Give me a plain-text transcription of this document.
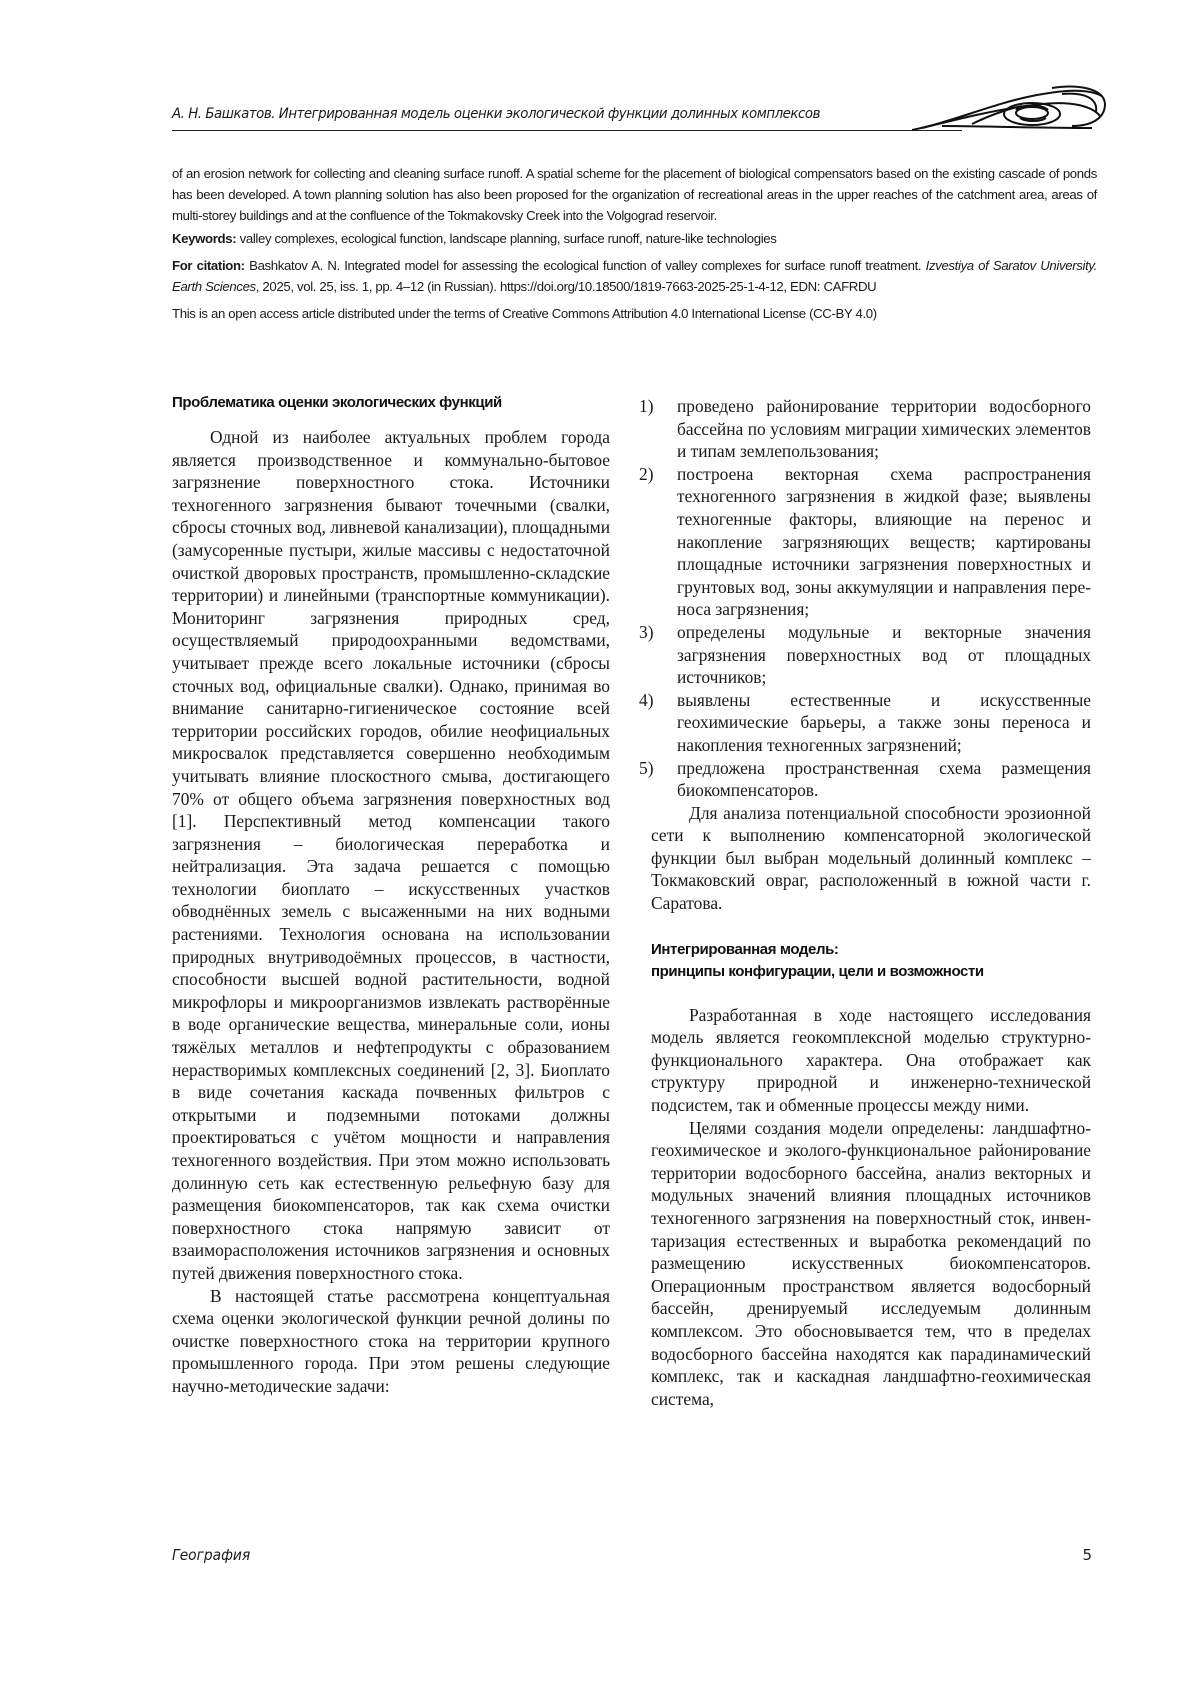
А. Н. Башкатов. Интегрированная модель оценки экологической функции долинных комплексов

of an erosion network for collecting and cleaning surface runoff. A spatial scheme for the placement of biological compensators based on the existing cascade of ponds has been developed. A town planning solution has also been proposed for the organization of recreational areas in the upper reaches of the catchment area, areas of multi-storey buildings and at the confluence of the Tokmakovsky Creek into the Volgograd reservoir.

Keywords: valley complexes, ecological function, landscape planning, surface runoff, nature-like technologies

For citation: Bashkatov A. N. Integrated model for assessing the ecological function of valley complexes for surface runoff treatment. Izvestiya of Saratov University. Earth Sciences, 2025, vol. 25, iss. 1, pp. 4–12 (in Russian). https://doi.org/10.18500/1819-7663-2025-25-1-4-12, EDN: CAFRDU

This is an open access article distributed under the terms of Creative Commons Attribution 4.0 International License (CC-BY 4.0)

Проблематика оценки экологических функций

Одной из наиболее актуальных проблем города является производственное и коммунально-бытовое загрязнение поверхностного стока. Источники техногенного загрязнения бывают точечными (свалки, сбросы сточных вод, ливневой канализации), площадными (замусоренные пустыри, жилые массивы с недостаточной очисткой дворовых пространств, промышленно-складские территории) и линейными (транспортные коммуникации). Мониторинг загрязнения природных сред, осуществляемый природоохранными ведомствами, учитывает прежде всего локальные источники (сбросы сточных вод, официальные свалки). Однако, принимая во внимание санитарно-гигиеническое состояние всей территории российских городов, обилие неофициальных микросвалок представляется совершенно необходимым учитывать влияние плоскостного смыва, достигающего 70% от общего объема загрязнения поверхностных вод [1]. Перспективный метод компенсации такого загрязнения – биологическая переработка и нейтрализация. Эта задача решается с помощью технологии биоплато – искусственных участков обводнённых земель с высаженными на них водными растениями. Технология основана на использовании природных внутриводоёмных процессов, в частности, способности высшей водной растительности, водной микрофлоры и микроорганизмов извлекать растворённые в воде органические вещества, минеральные соли, ионы тяжёлых металлов и нефтепродукты с образованием нерастворимых комплексных соединений [2, 3]. Биоплато в виде сочетания каскада почвенных фильтров с открытыми и подземными потоками должны проектироваться с учётом мощности и направления техногенного воздействия. При этом можно использовать долинную сеть как естественную рельефную базу для размещения биокомпенсаторов, так как схема очистки поверхностного стока напрямую зависит от взаиморасположения источников загрязнения и основных путей движения поверхностного стока.

В настоящей статье рассмотрена концептуальная схема оценки экологической функции речной долины по очистке поверхностного стока на территории крупного промышленного города. При этом решены следующие научно-методические задачи:

1) проведено районирование территории водосборного бассейна по условиям миграции химических элементов и типам землепользования;
2) построена векторная схема распространения техногенного загрязнения в жидкой фазе; выявлены техногенные факторы, влияющие на перенос и накопление загрязняющих веществ; картированы площадные источники загрязнения поверхностных и грунтовых вод, зоны аккумуляции и направления переноса загрязнения;
3) определены модульные и векторные значения загрязнения поверхностных вод от площадных источников;
4) выявлены естественные и искусственные геохимические барьеры, а также зоны переноса и накопления техногенных загрязнений;
5) предложена пространственная схема размещения биокомпенсаторов.

Для анализа потенциальной способности эрозионной сети к выполнению компенсаторной экологической функции был выбран модельный долинный комплекс – Токмаковский овраг, расположенный в южной части г. Саратова.

Интегрированная модель:
принципы конфигурации, цели и возможности

Разработанная в ходе настоящего исследования модель является геокомплексной моделью структурно-функционального характера. Она отображает как структуру природной и инженерно-технической подсистем, так и обменные процессы между ними.

Целями создания модели определены: ландшафтно-геохимическое и эколого-функциональное районирование территории водосборного бассейна, анализ векторных и модульных значений влияния площадных источников техногенного загрязнения на поверхностный сток, инвентаризация естественных и выработка рекомендаций по размещению искусственных биокомпенсаторов. Операционным пространством является водосборный бассейн, дренируемый исследуемым долинным комплексом. Это обосновывается тем, что в пределах водосборного бассейна находятся как парадинамический комплекс, так и каскадная ландшафтно-геохимическая система,

География	5
